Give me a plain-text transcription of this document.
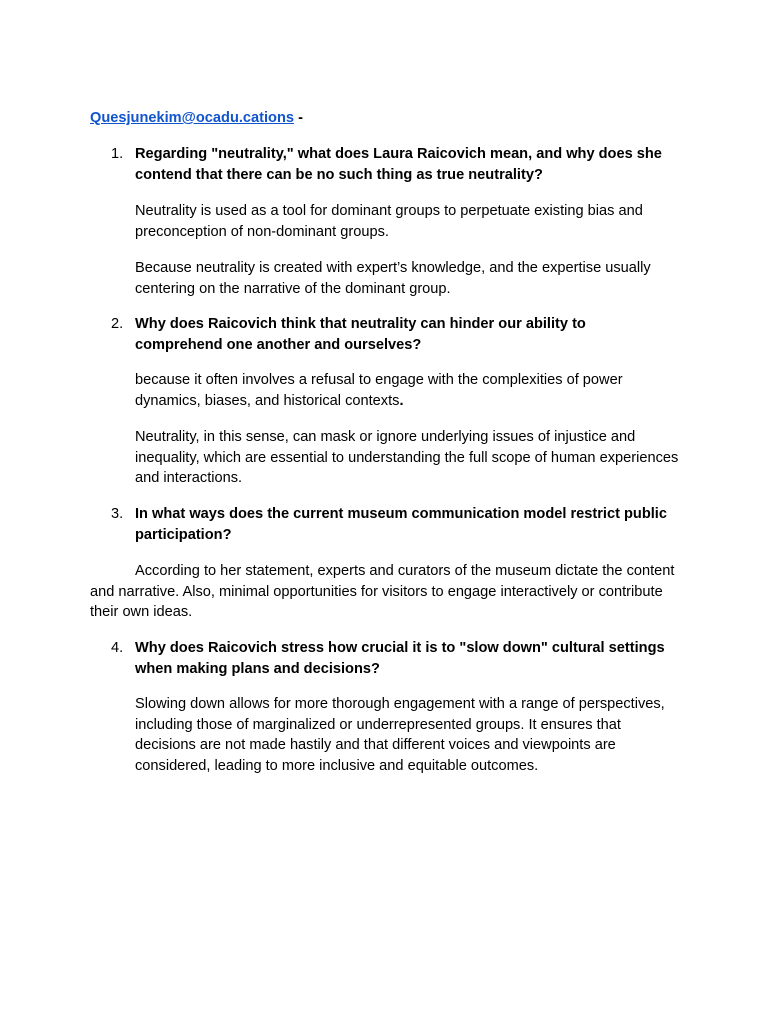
Quesjunekim@ocadu.cations -
1. Regarding "neutrality," what does Laura Raicovich mean, and why does she contend that there can be no such thing as true neutrality?
Neutrality is used as a tool for dominant groups to perpetuate existing bias and preconception of non-dominant groups.
Because neutrality is created with expert’s knowledge, and the expertise usually centering on the narrative of the dominant group.
2. Why does Raicovich think that neutrality can hinder our ability to comprehend one another and ourselves?
because it often involves a refusal to engage with the complexities of power dynamics, biases, and historical contexts.
Neutrality, in this sense, can mask or ignore underlying issues of injustice and inequality, which are essential to understanding the full scope of human experiences and interactions.
3. In what ways does the current museum communication model restrict public participation?
According to her statement, experts and curators of the museum dictate the content and narrative. Also, minimal opportunities for visitors to engage interactively or contribute their own ideas.
4. Why does Raicovich stress how crucial it is to "slow down" cultural settings when making plans and decisions?
Slowing down allows for more thorough engagement with a range of perspectives, including those of marginalized or underrepresented groups. It ensures that decisions are not made hastily and that different voices and viewpoints are considered, leading to more inclusive and equitable outcomes.
